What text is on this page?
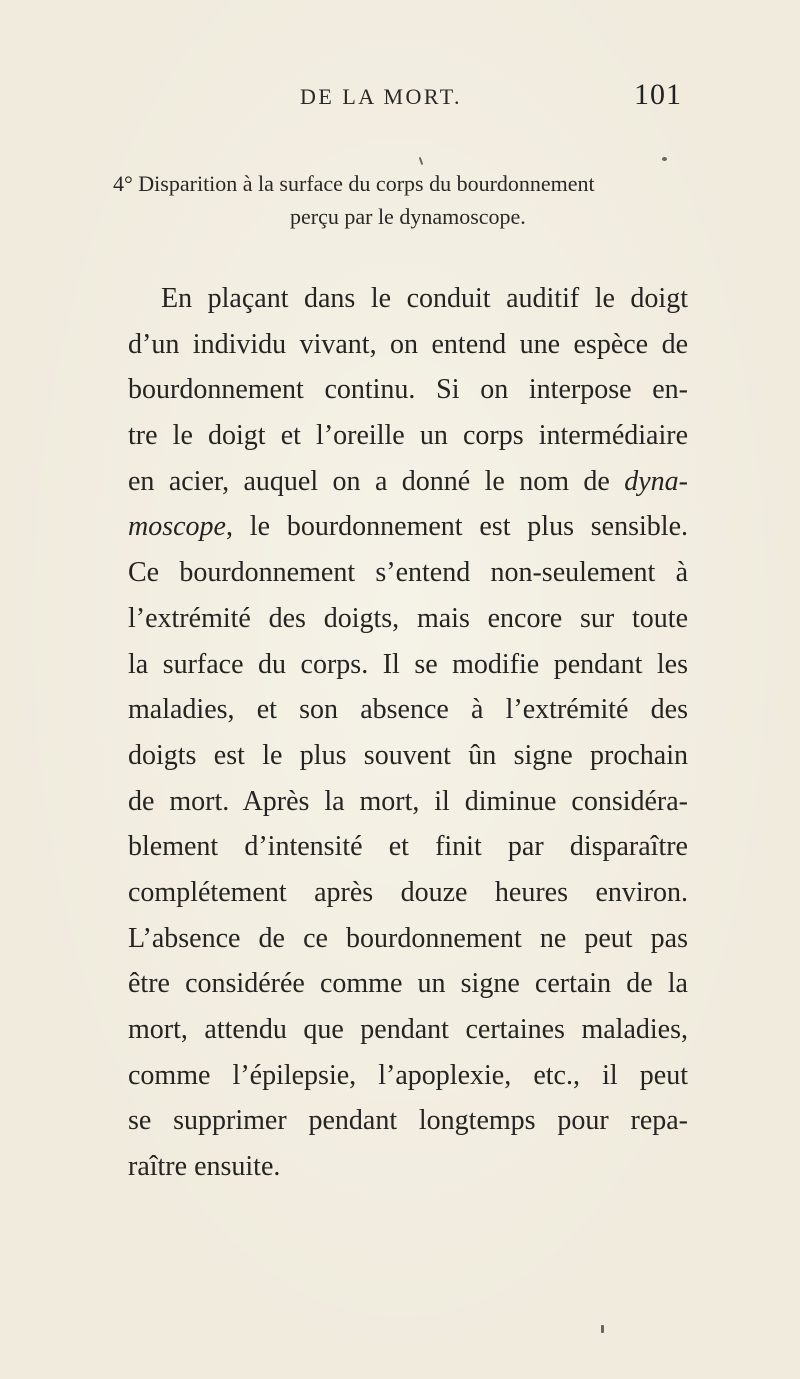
DE LA MORT.	101
4° Disparition à la surface du corps du bourdonnement
perçu par le dynamoscope.
En plaçant dans le conduit auditif le doigt
d’un individu vivant, on entend une espèce de
bourdonnement continu. Si on interpose en-
tre le doigt et l’oreille un corps intermédiaire
en acier, auquel on a donné le nom de dyna-
moscope, le bourdonnement est plus sensible.
Ce bourdonnement s’entend non-seulement à
l’extrémité des doigts, mais encore sur toute
la surface du corps. Il se modifie pendant les
maladies, et son absence à l’extrémité des
doigts est le plus souvent ûn signe prochain
de mort. Après la mort, il diminue considéra-
blement d’intensité et finit par disparaître
complétement après douze heures environ.
L’absence de ce bourdonnement ne peut pas
être considérée comme un signe certain de la
mort, attendu que pendant certaines maladies,
comme l’épilepsie, l’apoplexie, etc., il peut
se supprimer pendant longtemps pour repa-
raître ensuite.
